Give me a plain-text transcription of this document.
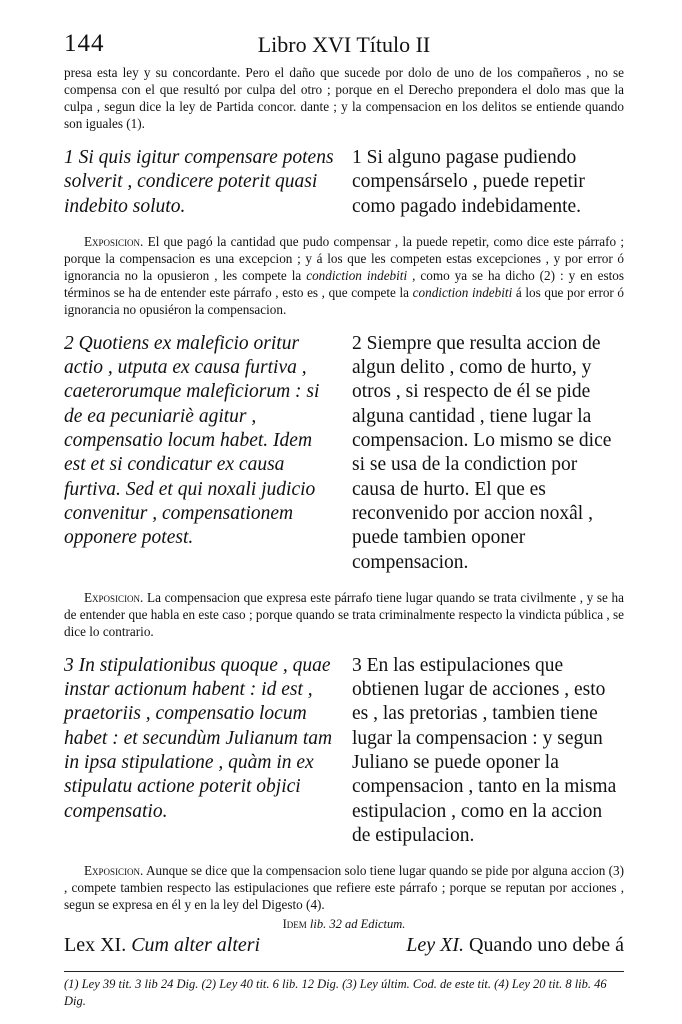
144	Libro XVI Título II

presa esta ley y su concordante. Pero el daño que sucede por dolo de uno de los compañeros , no se compensa con el que resultó por culpa del otro ; porque en el Derecho prepondera el dolo mas que la culpa , segun dice la ley de Partida concor. dante ; y la compensacion en los delitos se entiende quando son iguales (1).

1 Si quis igitur compensare potens solverit , condicere poterit quasi indebito soluto.

1 Si alguno pagase pudiendo compensárselo , puede repetir como pagado indebidamente.

Exposicion. El que pagó la cantidad que pudo compensar , la puede repetir, como dice este párrafo ; porque la compensacion es una excepcion ; y á los que les competen estas excepciones , y por error ó ignorancia no la opusieron , les compete la condiction indebiti , como ya se ha dicho (2) : y en estos términos se ha de entender este párrafo , esto es , que compete la condiction indebiti á los que por error ó ignorancia no opusiéron la compensacion.

2 Quotiens ex maleficio oritur actio , utputa ex causa furtiva , caeterorumque maleficiorum : si de ea pecuniariè agitur , compensatio locum habet. Idem est et si condicatur ex causa furtiva. Sed et qui noxali judicio convenitur , compensationem opponere potest.

2 Siempre que resulta accion de algun delito , como de hurto, y otros , si respecto de él se pide alguna cantidad , tiene lugar la compensacion. Lo mismo se dice si se usa de la condiction por causa de hurto. El que es reconvenido por accion noxâl , puede tambien oponer compensacion.

Exposicion. La compensacion que expresa este párrafo tiene lugar quando se trata civilmente , y se ha de entender que habla en este caso ; porque quando se trata criminalmente respecto la vindicta pública , se dice lo contrario.

3 In stipulationibus quoque , quae instar actionum habent : id est , praetoriis , compensatio locum habet : et secundùm Julianum tam in ipsa stipulatione , quàm in ex stipulatu actione poterit objici compensatio.

3 En las estipulaciones que obtienen lugar de acciones , esto es , las pretorias , tambien tiene lugar la compensacion : y segun Juliano se puede oponer la compensacion , tanto en la misma estipulacion , como en la accion de estipulacion.

Exposicion. Aunque se dice que la compensacion solo tiene lugar quando se pide por alguna accion (3) , compete tambien respecto las estipulaciones que refiere este párrafo ; porque se reputan por acciones , segun se expresa en él y en la ley del Digesto (4).

Idem lib. 32 ad Edictum.

Lex XI. Cum alter alteri	Ley XI. Quando uno debe á

(1) Ley 39 tit. 3 lib 24 Dig. (2) Ley 40 tit. 6 lib. 12 Dig. (3) Ley últim. Cod. de este tit. (4) Ley 20 tit. 8 lib. 46 Dig.
